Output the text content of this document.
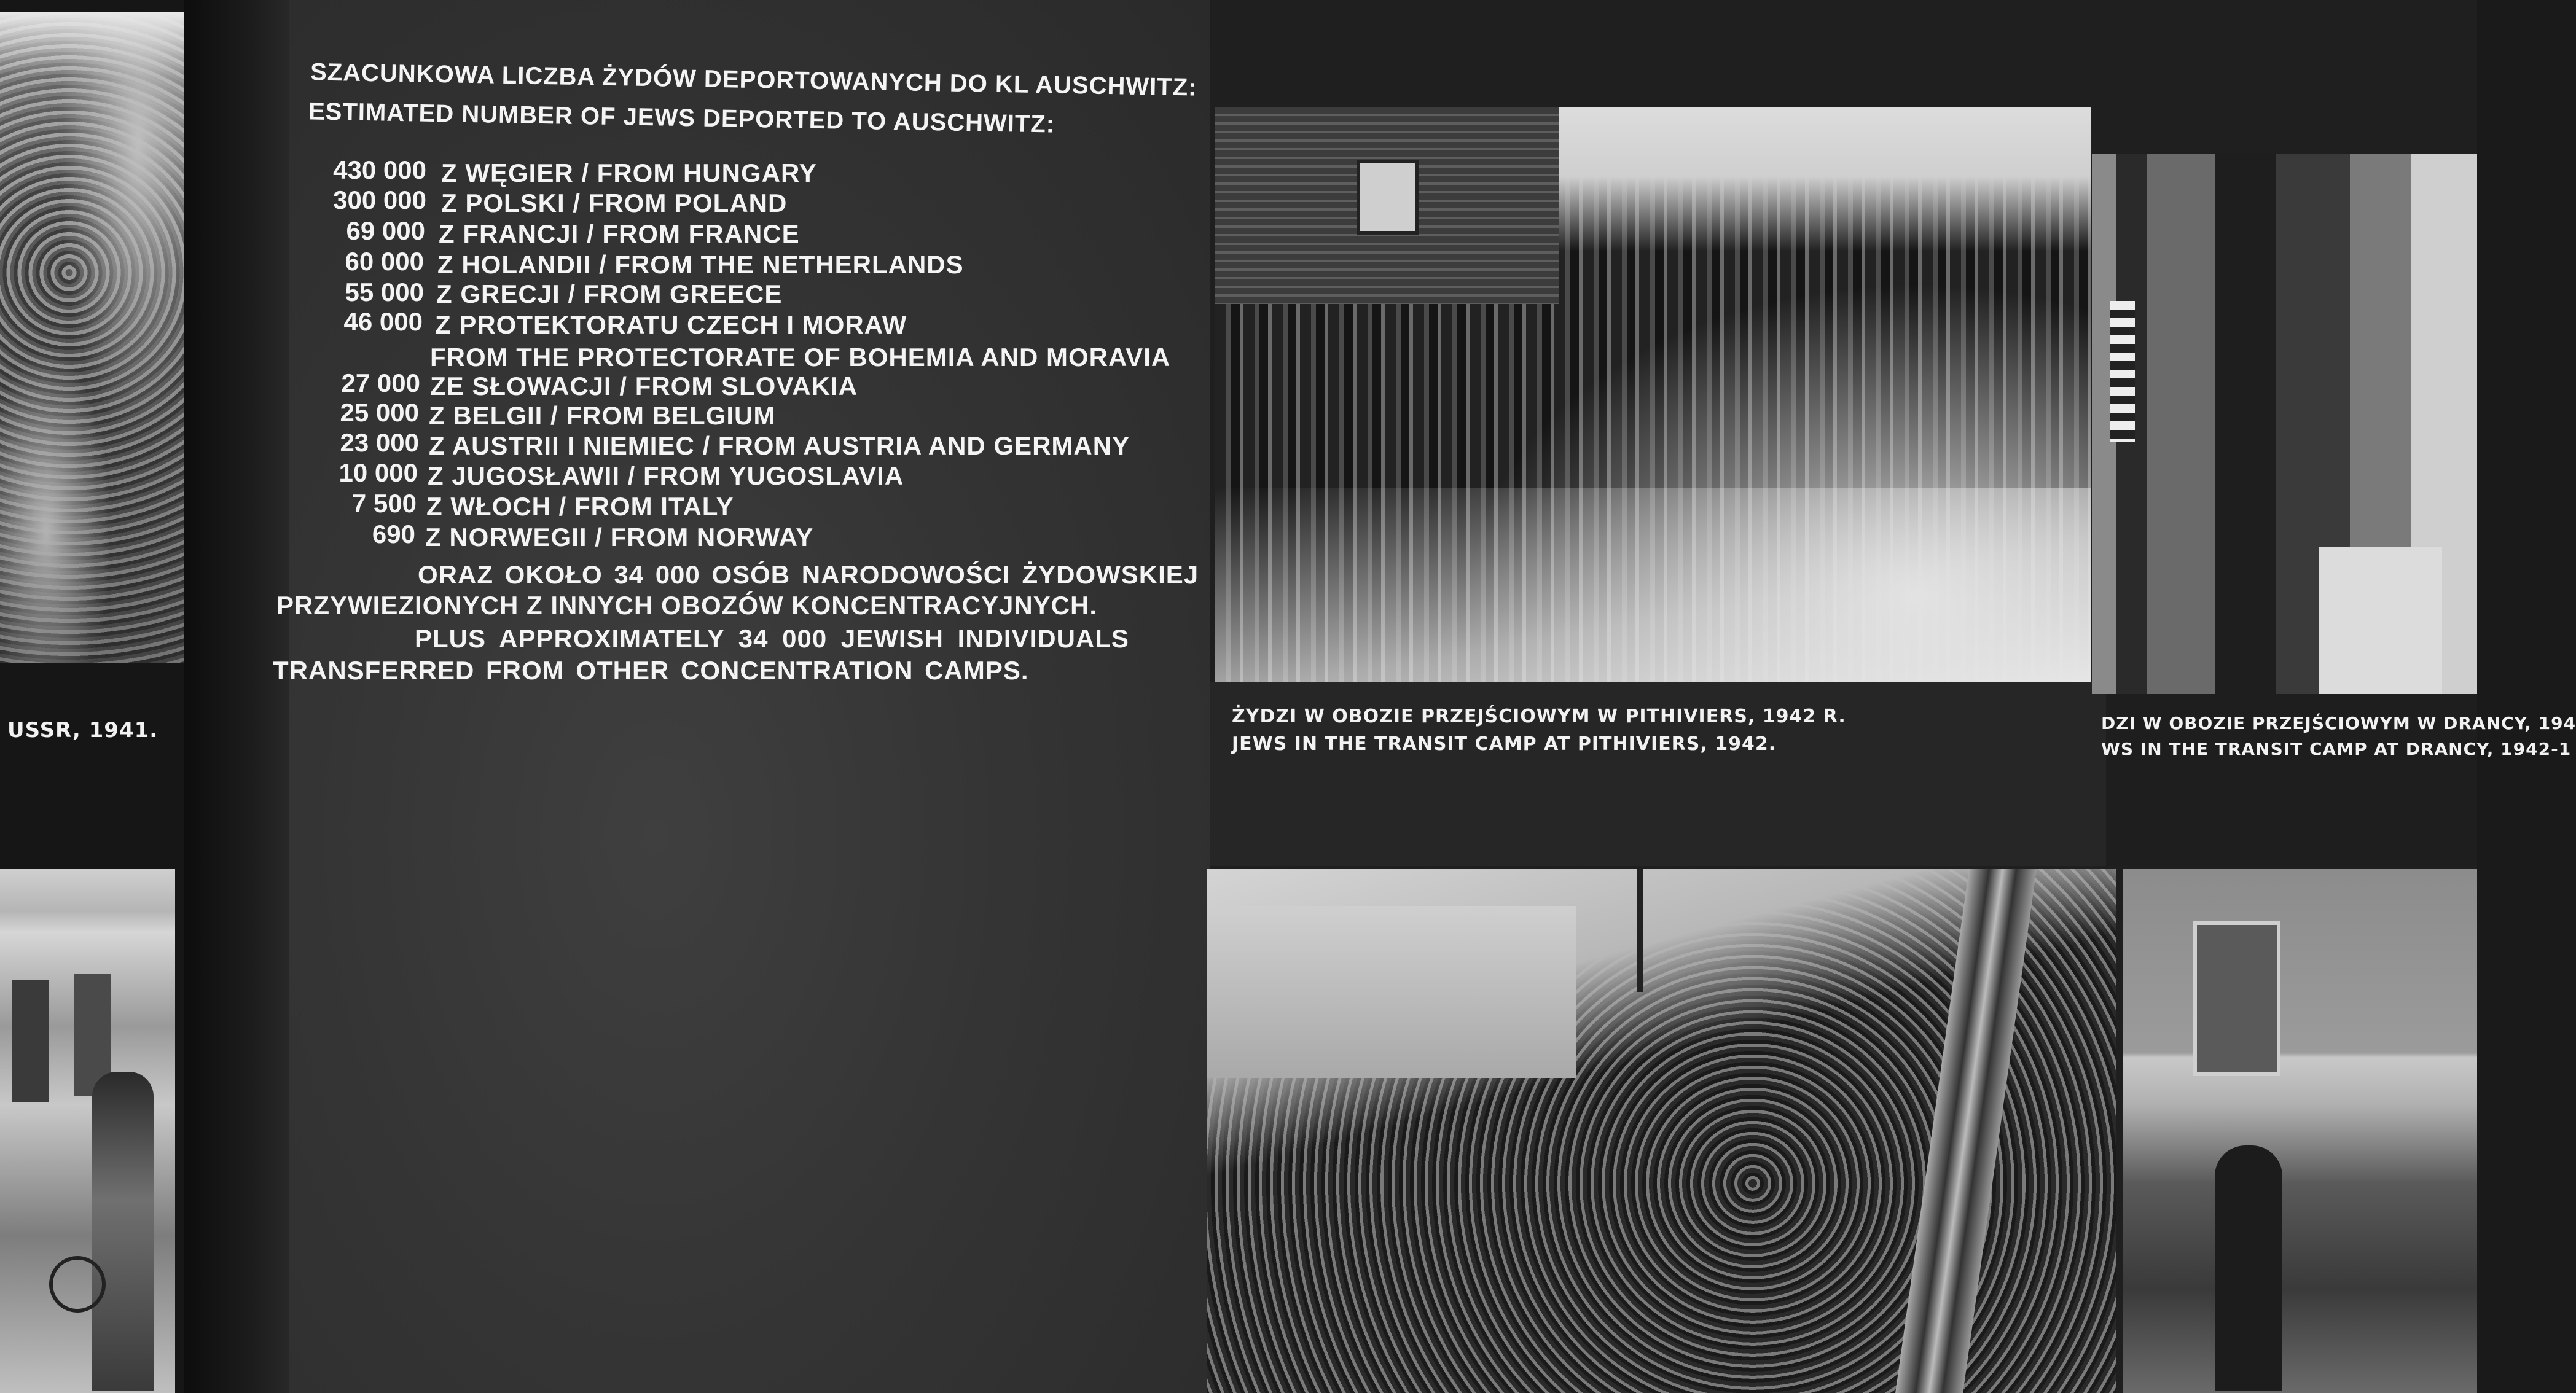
USSR, 1941.
SZACUNKOWA LICZBA ŻYDÓW DEPORTOWANYCH DO KL AUSCHWITZ:
ESTIMATED NUMBER OF JEWS DEPORTED TO AUSCHWITZ:
430 000 Z WĘGIER / FROM HUNGARY
300 000 Z POLSKI / FROM POLAND
69 000 Z FRANCJI / FROM FRANCE
60 000 Z HOLANDII / FROM THE NETHERLANDS
55 000 Z GRECJI / FROM GREECE
46 000 Z PROTEKTORATU CZECH I MORAW
FROM THE PROTECTORATE OF BOHEMIA AND MORAVIA
27 000 ZE SŁOWACJI / FROM SLOVAKIA
25 000 Z BELGII / FROM BELGIUM
23 000 Z AUSTRII I NIEMIEC / FROM AUSTRIA AND GERMANY
10 000 Z JUGOSŁAWII / FROM YUGOSLAVIA
7 500 Z WŁOCH / FROM ITALY
690 Z NORWEGII / FROM NORWAY
ORAZ OKOŁO 34 000 OSÓB NARODOWOŚCI ŻYDOWSKIEJ
PRZYWIEZIONYCH Z INNYCH OBOZÓW KONCENTRACYJNYCH.
PLUS APPROXIMATELY 34 000 JEWISH INDIVIDUALS
TRANSFERRED FROM OTHER CONCENTRATION CAMPS.
ŻYDZI W OBOZIE PRZEJŚCIOWYM W PITHIVIERS, 1942 R.
JEWS IN THE TRANSIT CAMP AT PITHIVIERS, 1942.
DZI W OBOZIE PRZEJŚCIOWYM W DRANCY, 194
WS IN THE TRANSIT CAMP AT DRANCY, 1942-1
